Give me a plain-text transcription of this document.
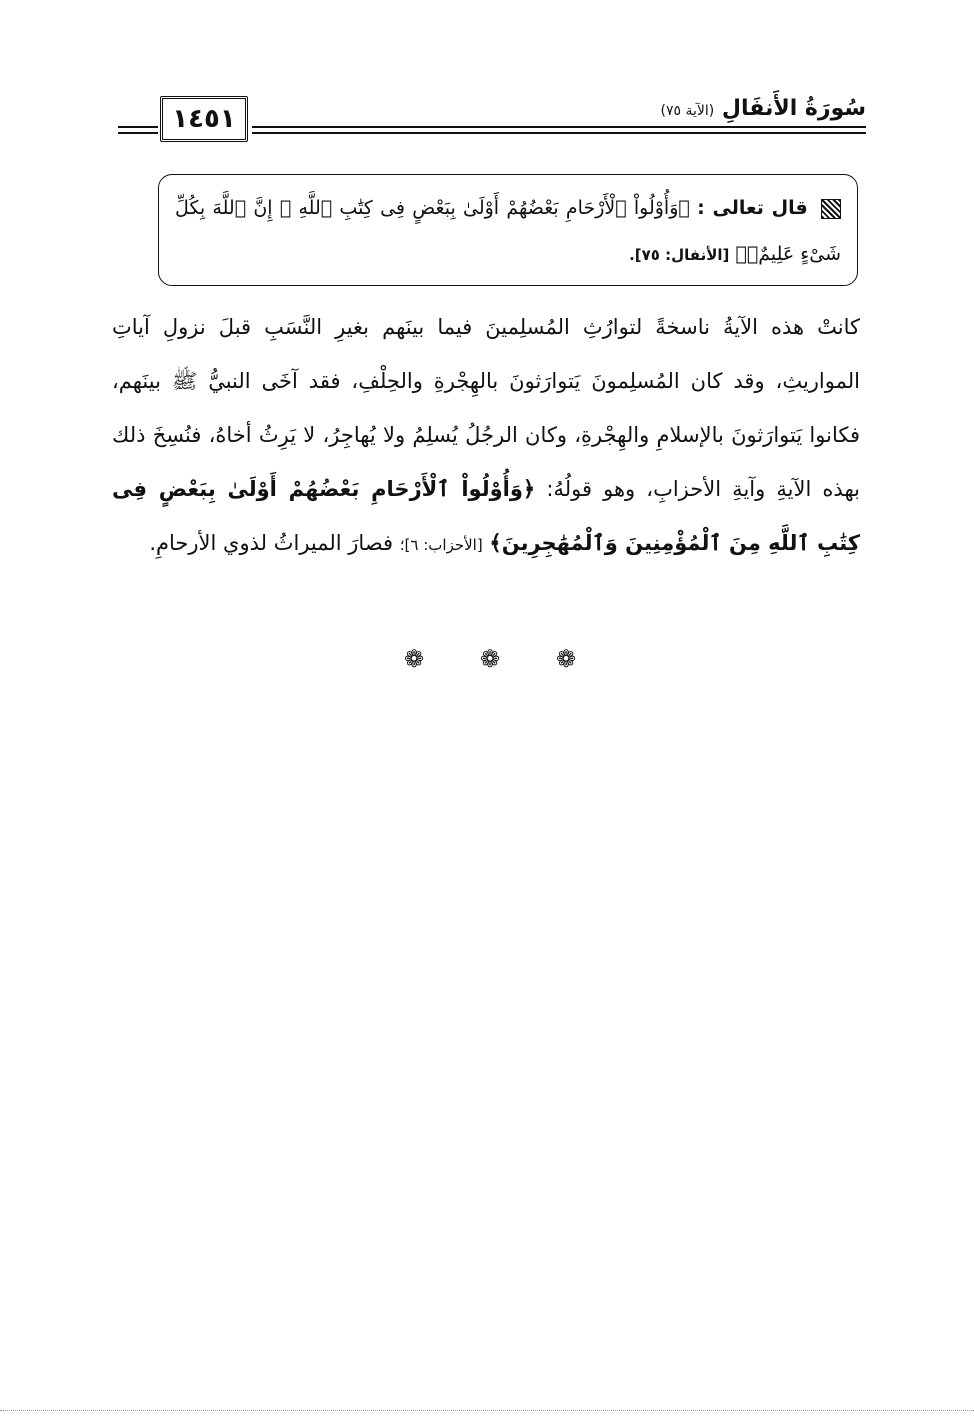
١٤٥١	سُورَةُ الأَنفَالِ (الآية ٧٥)
قال تعالى : ﴿وَأُوْلُواْ ٱلْأَرْحَامِ بَعْضُهُمْ أَوْلَىٰ بِبَعْضٍ فِى كِتَٰبِ ٱللَّهِ ۗ إِنَّ ٱللَّهَ بِكُلِّ شَىْءٍ عَلِيمٌۢ﴾ [الأنفال: ٧٥].
كانتْ هذه الآيةُ ناسخةً لتوارُثِ المُسلِمينَ فيما بينَهم بغيرِ النَّسَبِ قبلَ نزولِ آياتِ المواريثِ، وقد كان المُسلِمونَ يَتوارَثونَ بالهِجْرةِ والحِلْفِ، فقد آخَى النبيُّ ﷺ بينَهم، فكانوا يَتوارَثونَ بالإسلامِ والهِجْرةِ، وكان الرجُلُ يُسلِمُ ولا يُهاجِرُ، لا يَرِثُ أخاهُ، فنُسِخَ ذلك بهذه الآيةِ وآيةِ الأحزابِ، وهو قولُهُ: ﴿وَأُوْلُواْ ٱلْأَرْحَامِ بَعْضُهُمْ أَوْلَىٰ بِبَعْضٍ فِى كِتَٰبِ ٱللَّهِ مِنَ ٱلْمُؤْمِنِينَ وَٱلْمُهَٰجِرِينَ﴾ [الأحزاب: ٦]؛ فصارَ الميراثُ لذوي الأرحامِ.
❁ ❁ ❁
